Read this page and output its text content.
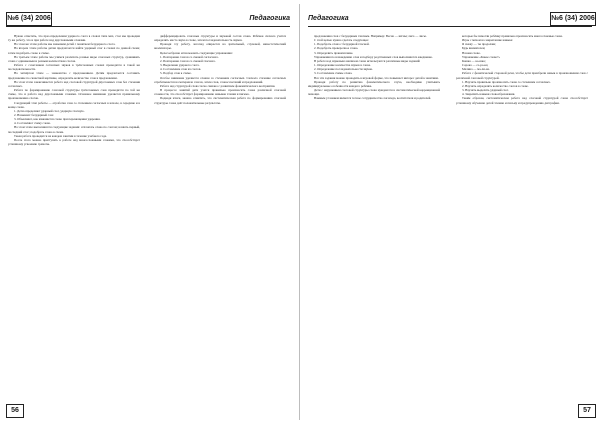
№6 (34) 2006	Педагогика

Нужно отметить, что при определении ударного слога в словах типа мяч, стол мы проводим ту же работу, что и при работе над двусложными словами.

На этом же этапе работы мы знакомим детей с понятием безударного слога.

На втором этапе работы детям предлагается найти ударный слог в словах по данной схеме; затем подобрать слово к схеме.

На третьем этапе работы мы учимся различать разные виды слоговых структур, сравнивать слова с одинаковым и разным количеством слогов.

Работа с сочетанием согласных звуков в трёхсложных словах проводится в такой же последовательности.

На четвёртом этапе — знакомство с предложением. Детям предлагается составить предложение по сюжетной картинке, определить количество слов в предложении.

На этом этапе заканчивается работа над слоговой структурой двусложных слов без стечения согласных.

Работа по формированию слоговой структуры трёхсложных слов проводится по той же схеме, что и работа над двусложными словами. Основное внимание уделяется правильному произношению слогов.

Следующий этап работы — отработка слов со стечением согласных в начале, в середине и в конце слова.

1. Дети определяют ударный слог, ударную гласную.

2. Называют безударный слог.

3. Объясняют, как изменяется слово при перемещении ударения.

4. Составляют схему слова.

На этом этапе выполняются следующие задания: отхлопать слово по слогам; назвать первый, последний слог; подобрать слово к схеме.

Такая работа проводится на каждом занятии в течение учебного года.

После этого можно приступать к работе над многосложными словами, что способствует успешному усвоению грамоты.

дифференцировать слоговые структуры и звуковой состав слова. Ребёнок сначала учится определять место звука в слове, затем последовательность звуков.

Проводя эту работу, логопед опирается на зрительный, слуховой, кинестетический анализаторы.

Целесообразно использовать следующие упражнения:

1. Повторение слогов со сменой согласного.

2. Повторение слогов со сменой гласного.

3. Выделение ударного слога.

4. Составление слов из слогов.

5. Подбор слов к схеме.

Особое внимание уделяется словам со стечением согласных. Сначала стечение согласных отрабатывается на материале слогов, затем слов, словосочетаний и предложений.

Работа над структурой слова тесно связана с развитием фонематического восприятия.

В процессе занятий дети учатся правильно произносить слова различной слоговой сложности, что способствует формированию навыков чтения и письма.

Подводя итоги, можно отметить, что систематическая работа по формированию слоговой структуры слова даёт положительные результаты.

56
Педагогика	№6 (34) 2006

предложения слов с безударным гласным. Например: Весна — вёсны; лиса — лисы.

С этой целью нужно сделать следующее:

1. Подобрать слова с безударной гласной.

2. Подобрать проверочное слово.

3. Определить правописание.

Упражнения по нахождению слов и подбору родственных слов выполняются ежедневно.

В работе над звуковым анализом слова используются различные виды заданий:

1. Определение количества звуков в слове.

2. Определение последовательности звуков.

3. Составление схемы слова.

Все эти задания можно проводить в игровой форме, что повышает интерес детей к занятиям.

Проводя работу по развитию фонематического слуха, необходимо учитывать индивидуальные особенности каждого ребёнка.

Дети с нарушением слоговой структуры слова нуждаются в систематической коррекционной помощи.

Важным условием является тесное сотрудничество логопеда, воспитателя и родителей.

которые бы помогли ребёнку правильно произносить многосложные слова.

Игры с мячом на закрепление навыка:

Я скажу — ты продолжи;

Будь внимателен;

Назови слово.

Упражнение «Какое слово?»

Кошка — ко-шка;

Сорока — со-ро-ка;

Малина — ма-ли-на.

Работа с фонетической стороной речи, чтобы дети приобрели навык в произношении слов с различной слоговой структурой.

1. Научить правильно произносить слова со стечением согласных.

2. Научить определять количество слогов в слове.

3. Научить выделять ударный слог.

4. Закрепить навыки словообразования.

Таким образом, систематическая работа над слоговой структурой слова способствует успешному обучению детей чтению и письму и предупреждению дисграфии.

57
